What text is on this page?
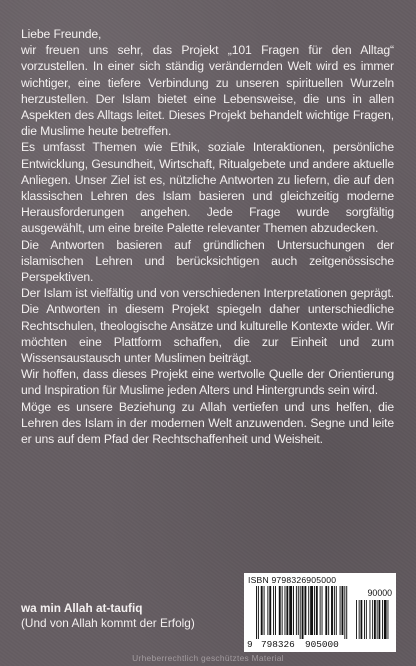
Liebe Freunde,

wir freuen uns sehr, das Projekt „101 Fragen für den Alltag“ vorzustellen. In einer sich ständig verändernden Welt wird es immer wichtiger, eine tiefere Verbindung zu unseren spirituellen Wurzeln herzustellen. Der Islam bietet eine Lebensweise, die uns in allen Aspekten des Alltags leitet. Dieses Projekt behandelt wichtige Fragen, die Muslime heute betreffen.

Es umfasst Themen wie Ethik, soziale Interaktionen, persönliche Entwicklung, Gesundheit, Wirtschaft, Ritualgebete und andere aktuelle Anliegen. Unser Ziel ist es, nützliche Antworten zu liefern, die auf den klassischen Lehren des Islam basieren und gleichzeitig moderne Herausforderungen angehen. Jede Frage wurde sorgfältig ausgewählt, um eine breite Palette relevanter Themen abzudecken.

Die Antworten basieren auf gründlichen Untersuchungen der islamischen Lehren und berücksichtigen auch zeitgenössische Perspektiven.

Der Islam ist vielfältig und von verschiedenen Interpretationen geprägt. Die Antworten in diesem Projekt spiegeln daher unterschiedliche Rechtschulen, theologische Ansätze und kulturelle Kontexte wider. Wir möchten eine Plattform schaffen, die zur Einheit und zum Wissensaustausch unter Muslimen beiträgt.

Wir hoffen, dass dieses Projekt eine wertvolle Quelle der Orientierung und Inspiration für Muslime jeden Alters und Hintergrunds sein wird.

Möge es unsere Beziehung zu Allah vertiefen und uns helfen, die Lehren des Islam in der modernen Welt anzuwenden. Segne und leite er uns auf dem Pfad der Rechtschaffenheit und Weisheit.

wa min Allah at-taufiq
(Und von Allah kommt der Erfolg)
ISBN 9798326905000
90000
9 798326 905000
Urheberrechtlich geschütztes Material
